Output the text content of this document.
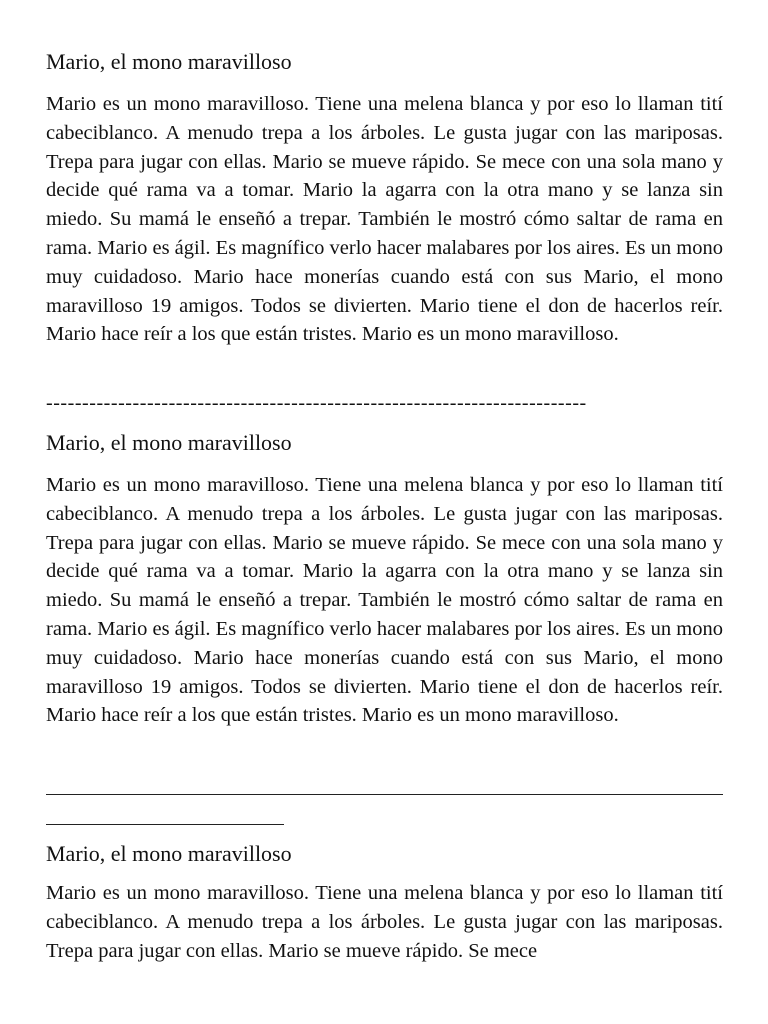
Mario, el mono maravilloso

Mario es un mono maravilloso. Tiene una melena blanca y por eso lo llaman tití cabeciblanco. A menudo trepa a los árboles. Le gusta jugar con las mariposas. Trepa para jugar con ellas. Mario se mueve rápido. Se mece con una sola mano y decide qué rama va a tomar. Mario la agarra con la otra mano y se lanza sin miedo. Su mamá le enseñó a trepar. También le mostró cómo saltar de rama en rama. Mario es ágil. Es magnífico verlo hacer malabares por los aires. Es un mono muy cuidadoso. Mario hace monerías cuando está con sus Mario, el mono maravilloso 19 amigos. Todos se divierten. Mario tiene el don de hacerlos reír. Mario hace reír a los que están tristes. Mario es un mono maravilloso.

---------------------------------------------------------------------------
Mario, el mono maravilloso

Mario es un mono maravilloso. Tiene una melena blanca y por eso lo llaman tití cabeciblanco. A menudo trepa a los árboles. Le gusta jugar con las mariposas. Trepa para jugar con ellas. Mario se mueve rápido. Se mece con una sola mano y decide qué rama va a tomar. Mario la agarra con la otra mano y se lanza sin miedo. Su mamá le enseñó a trepar. También le mostró cómo saltar de rama en rama. Mario es ágil. Es magnífico verlo hacer malabares por los aires. Es un mono muy cuidadoso. Mario hace monerías cuando está con sus Mario, el mono maravilloso 19 amigos. Todos se divierten. Mario tiene el don de hacerlos reír. Mario hace reír a los que están tristes. Mario es un mono maravilloso.

Mario, el mono maravilloso

Mario es un mono maravilloso. Tiene una melena blanca y por eso lo llaman tití cabeciblanco. A menudo trepa a los árboles. Le gusta jugar con las mariposas. Trepa para jugar con ellas. Mario se mueve rápido. Se mece
